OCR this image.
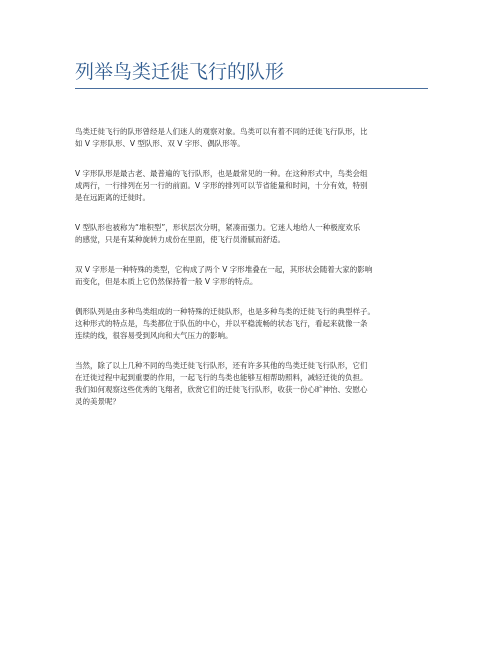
列举鸟类迁徙飞行的队形

鸟类迁徙飞行的队形曾经是人们迷人的观察对象。鸟类可以有着不同的迁徙飞行队形，比
如 V 字形队形、V 型队形、双 V 字形、偶队形等。

V 字形队形是最古老、最普遍的飞行队形，也是最常见的一种。在这种形式中，鸟类会组
成两行，一行排列在另一行的前面。V 字形的排列可以节省能量和时间，十分有效，特别
是在远距离的迁徙时。

V 型队形也被称为“堆积型”，形状层次分明，紧凑而强力。它迷人地给人一种极度欢乐
的感觉，只是有某种旋转力成份在里面，使飞行员滑腻而舒适。

双 V 字形是一种特殊的类型，它构成了两个 V 字形堆叠在一起，其形状会随着大家的影响
而变化，但是本质上它仍然保持着一般 V 字形的特点。

偶形队列是由多种鸟类组成的一种特殊的迁徙队形，也是多种鸟类的迁徙飞行的典型样子。
这种形式的特点是，鸟类都位于队伍的中心，并以平稳流畅的状态飞行，看起来就像一条
连续的线，很容易受到风向和大气压力的影响。

当然，除了以上几种不同的鸟类迁徙飞行队形，还有许多其他的鸟类迁徙飞行队形，它们
在迁徙过程中起到重要的作用，一起飞行的鸟类也能够互相帮助照料，减轻迁徙的负担。
我们如何观察这些优秀的飞翔者，欣赏它们的迁徙飞行队形，收获一份心旷神怡、安慰心
灵的美景呢？
